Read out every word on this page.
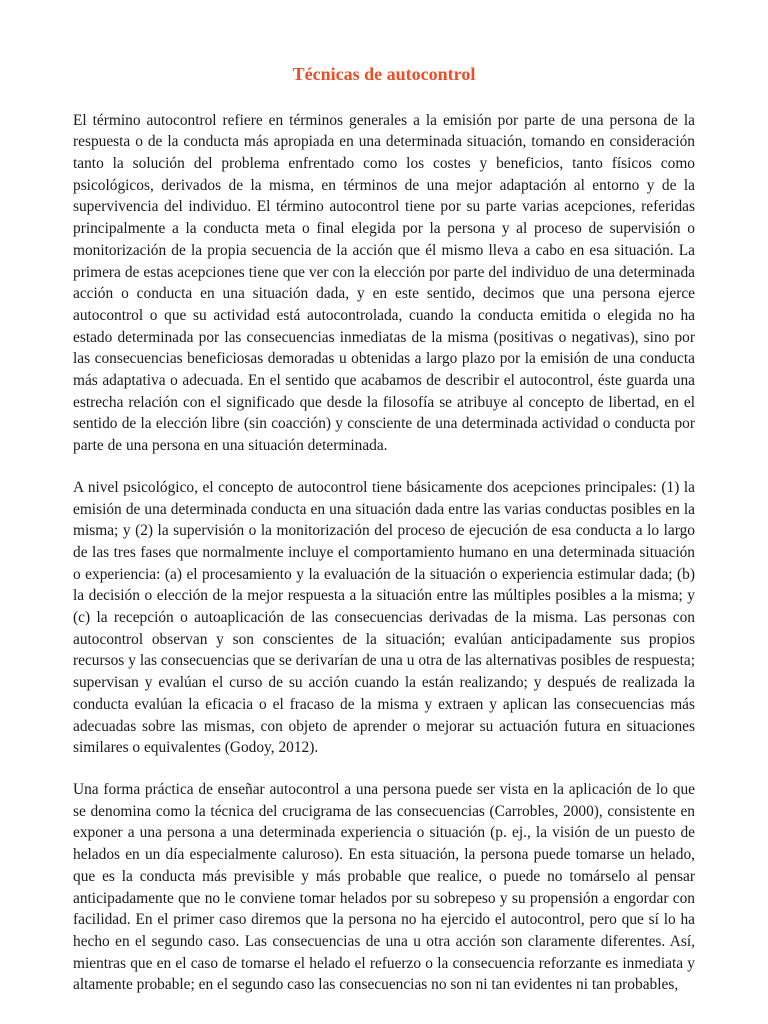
Técnicas de autocontrol

El término autocontrol refiere en términos generales a la emisión por parte de una persona de la respuesta o de la conducta más apropiada en una determinada situación, tomando en consideración tanto la solución del problema enfrentado como los costes y beneficios, tanto físicos como psicológicos, derivados de la misma, en términos de una mejor adaptación al entorno y de la supervivencia del individuo. El término autocontrol tiene por su parte varias acepciones, referidas principalmente a la conducta meta o final elegida por la persona y al proceso de supervisión o monitorización de la propia secuencia de la acción que él mismo lleva a cabo en esa situación. La primera de estas acepciones tiene que ver con la elección por parte del individuo de una determinada acción o conducta en una situación dada, y en este sentido, decimos que una persona ejerce autocontrol o que su actividad está autocontrolada, cuando la conducta emitida o elegida no ha estado determinada por las consecuencias inmediatas de la misma (positivas o negativas), sino por las consecuencias beneficiosas demoradas u obtenidas a largo plazo por la emisión de una conducta más adaptativa o adecuada. En el sentido que acabamos de describir el autocontrol, éste guarda una estrecha relación con el significado que desde la filosofía se atribuye al concepto de libertad, en el sentido de la elección libre (sin coacción) y consciente de una determinada actividad o conducta por parte de una persona en una situación determinada.

A nivel psicológico, el concepto de autocontrol tiene básicamente dos acepciones principales: (1) la emisión de una determinada conducta en una situación dada entre las varias conductas posibles en la misma; y (2) la supervisión o la monitorización del proceso de ejecución de esa conducta a lo largo de las tres fases que normalmente incluye el comportamiento humano en una determinada situación o experiencia: (a) el procesamiento y la evaluación de la situación o experiencia estimular dada; (b) la decisión o elección de la mejor respuesta a la situación entre las múltiples posibles a la misma; y (c) la recepción o autoaplicación de las consecuencias derivadas de la misma. Las personas con autocontrol observan y son conscientes de la situación; evalúan anticipadamente sus propios recursos y las consecuencias que se derivarían de una u otra de las alternativas posibles de respuesta; supervisan y evalúan el curso de su acción cuando la están realizando; y después de realizada la conducta evalúan la eficacia o el fracaso de la misma y extraen y aplican las consecuencias más adecuadas sobre las mismas, con objeto de aprender o mejorar su actuación futura en situaciones similares o equivalentes (Godoy, 2012).

Una forma práctica de enseñar autocontrol a una persona puede ser vista en la aplicación de lo que se denomina como la técnica del crucigrama de las consecuencias (Carrobles, 2000), consistente en exponer a una persona a una determinada experiencia o situación (p. ej., la visión de un puesto de helados en un día especialmente caluroso). En esta situación, la persona puede tomarse un helado, que es la conducta más previsible y más probable que realice, o puede no tomárselo al pensar anticipadamente que no le conviene tomar helados por su sobrepeso y su propensión a engordar con facilidad. En el primer caso diremos que la persona no ha ejercido el autocontrol, pero que sí lo ha hecho en el segundo caso. Las consecuencias de una u otra acción son claramente diferentes. Así, mientras que en el caso de tomarse el helado el refuerzo o la consecuencia reforzante es inmediata y altamente probable; en el segundo caso las consecuencias no son ni tan evidentes ni tan probables,
